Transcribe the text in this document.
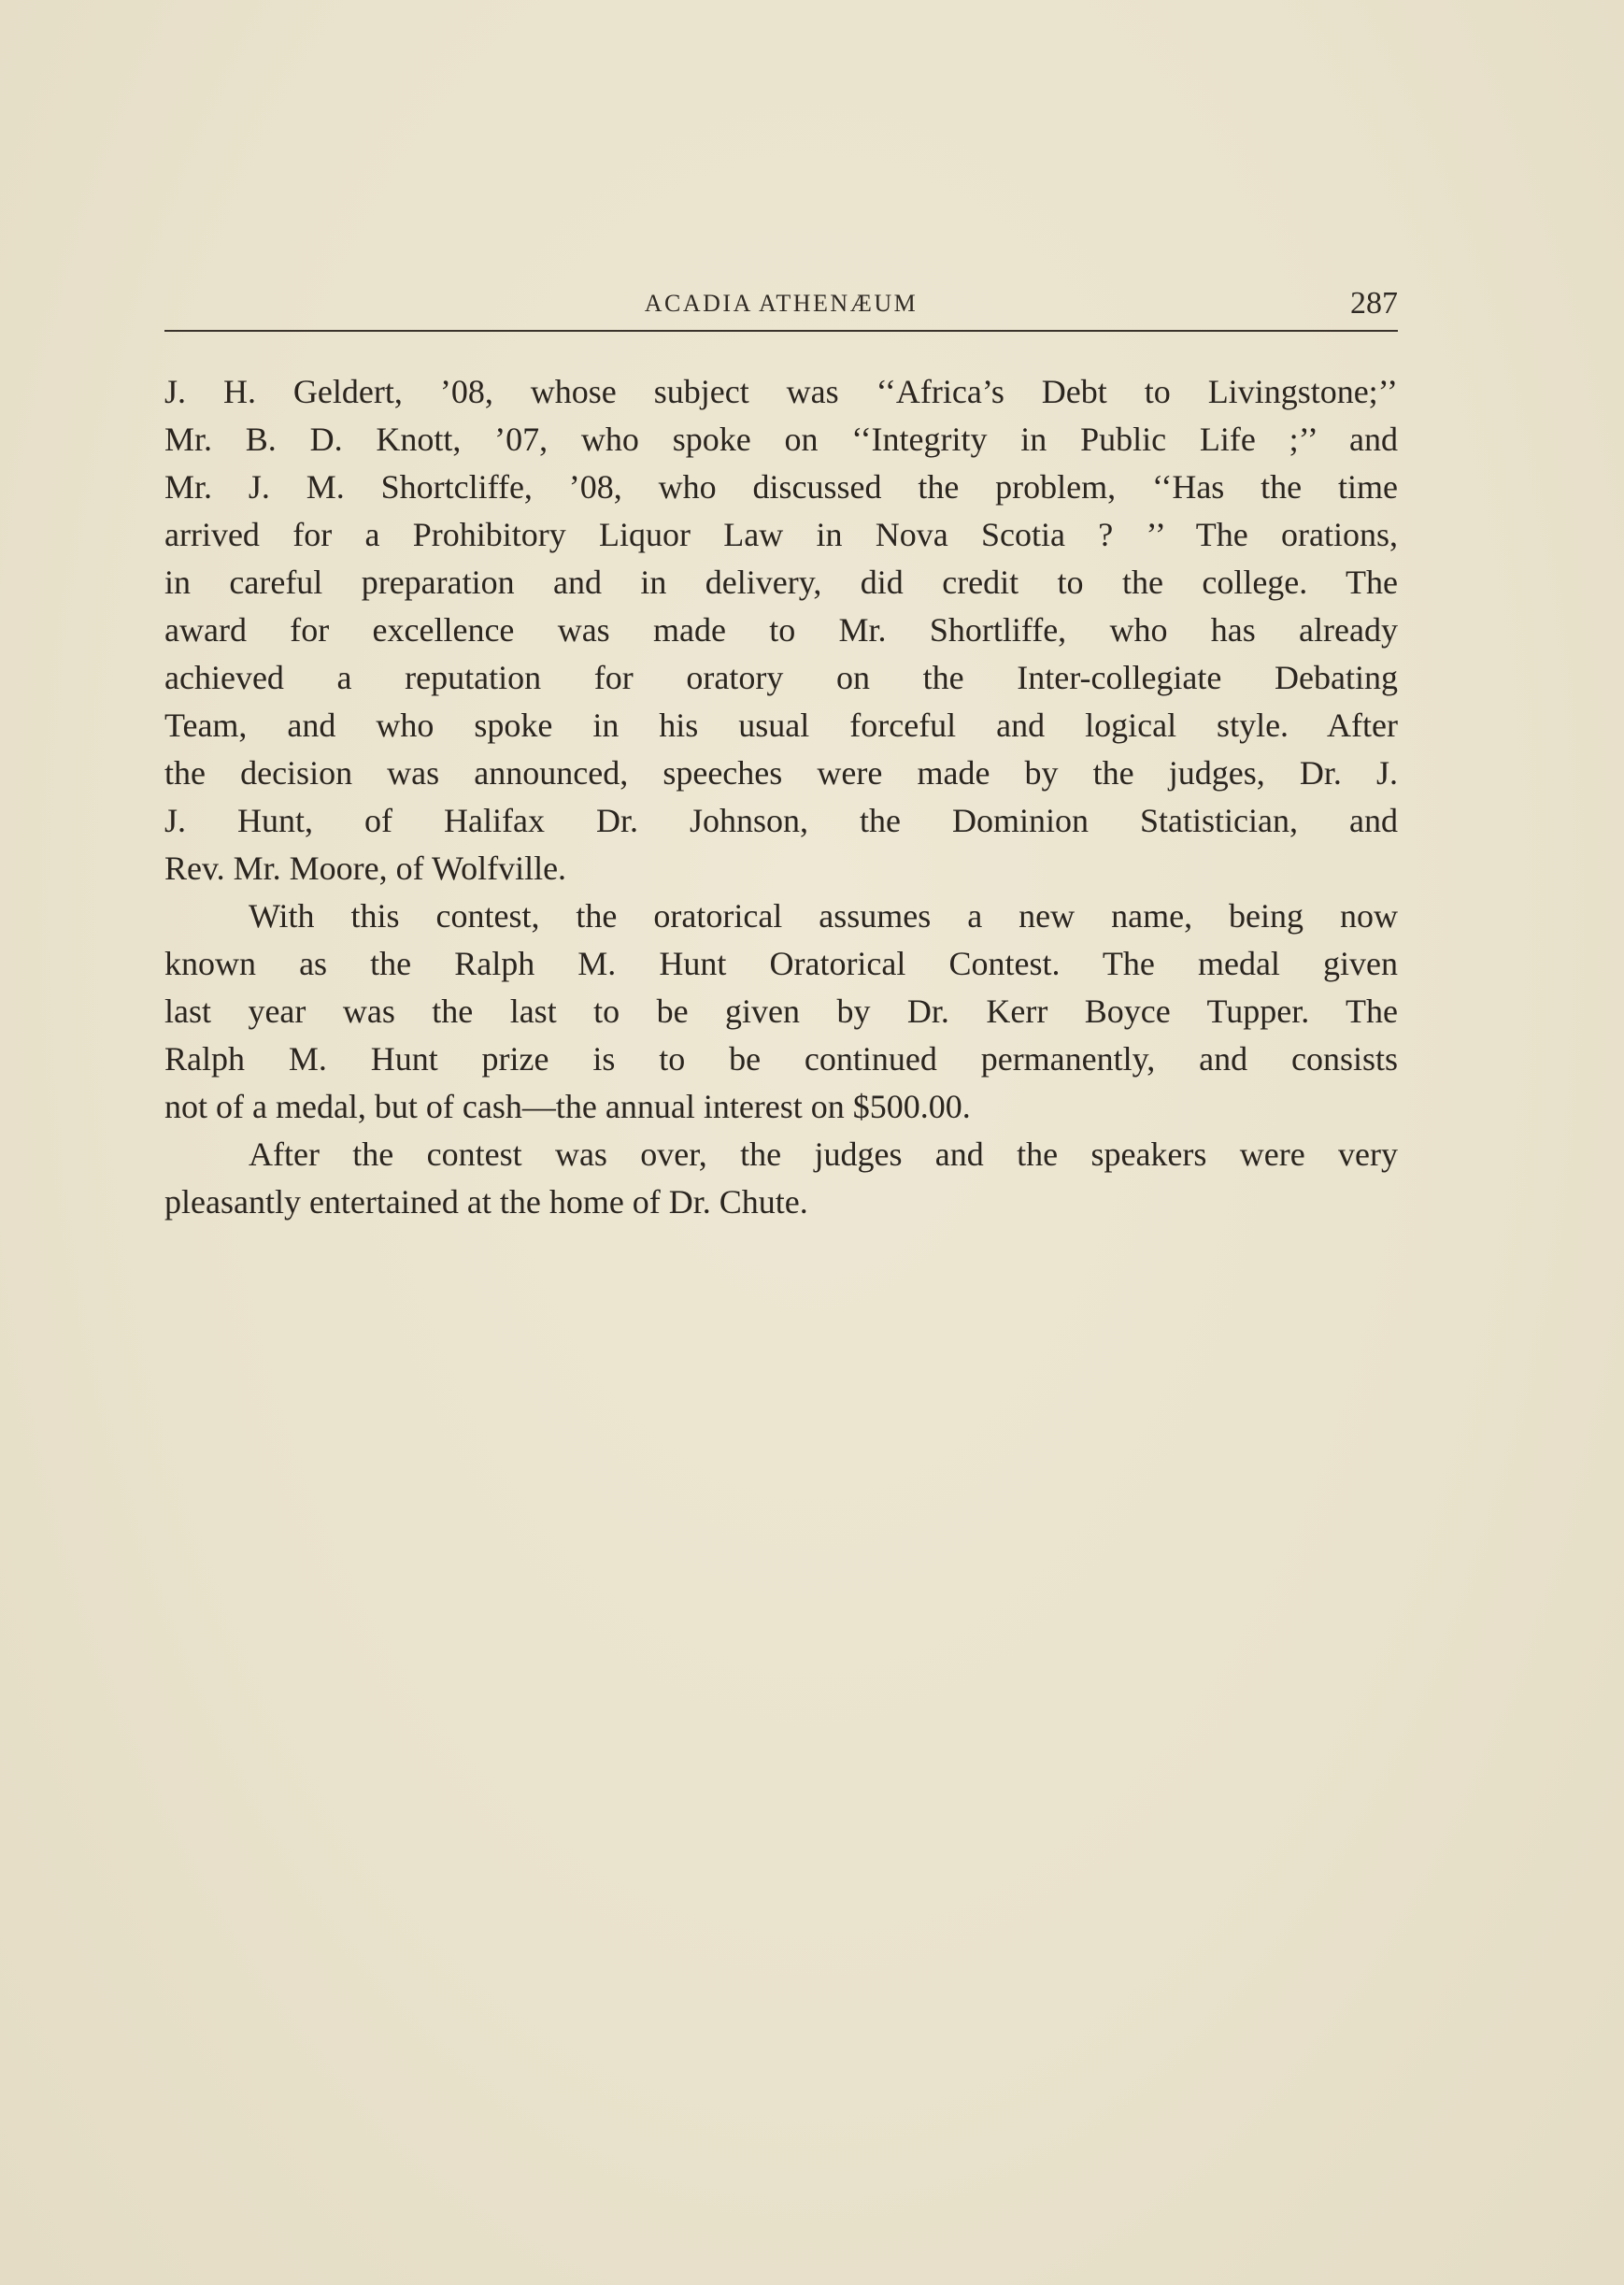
ACADIA ATHENÆUM	287
J. H. Geldert, ’08, whose subject was ‘‘Africa’s Debt to Livingstone;’’
Mr. B. D. Knott, ’07, who spoke on ‘‘Integrity in Public Life ;’’ and
Mr. J. M. Shortcliffe, ’08, who discussed the problem, ‘‘Has the time
arrived for a Prohibitory Liquor Law in Nova Scotia ? ’’ The orations,
in careful preparation and in delivery, did credit to the college. The
award for excellence was made to Mr. Shortliffe, who has already
achieved a reputation for oratory on the Inter-collegiate Debating
Team, and who spoke in his usual forceful and logical style. After
the decision was announced, speeches were made by the judges, Dr. J.
J. Hunt, of Halifax Dr. Johnson, the Dominion Statistician, and
Rev. Mr. Moore, of Wolfville.
With this contest, the oratorical assumes a new name, being now
known as the Ralph M. Hunt Oratorical Contest. The medal given
last year was the last to be given by Dr. Kerr Boyce Tupper. The
Ralph M. Hunt prize is to be continued permanently, and consists
not of a medal, but of cash—the annual interest on $500.00.
After the contest was over, the judges and the speakers were very
pleasantly entertained at the home of Dr. Chute.
